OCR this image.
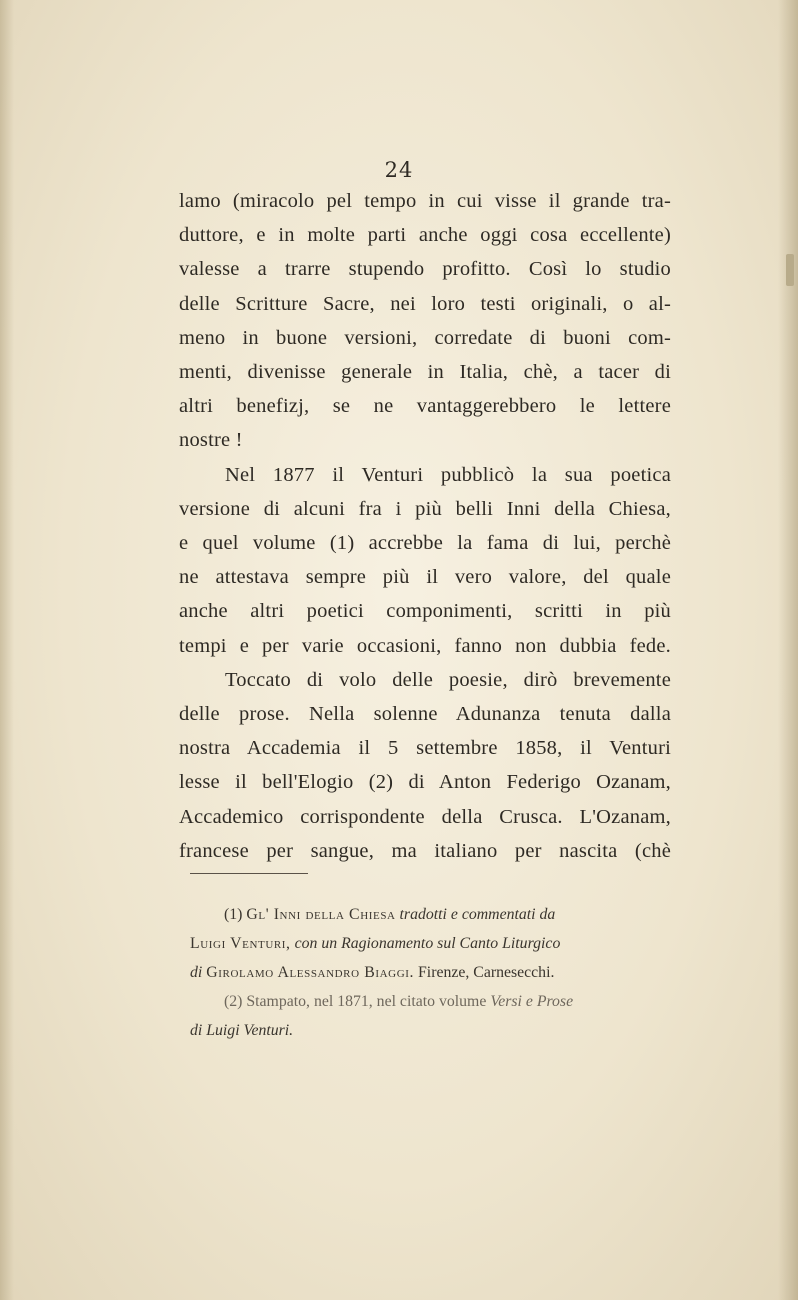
24
lamo (miracolo pel tempo in cui visse il grande tra-
duttore, e in molte parti anche oggi cosa eccellente)
valesse a trarre stupendo profitto. Così lo studio
delle Scritture Sacre, nei loro testi originali, o al-
meno in buone versioni, corredate di buoni com-
menti, divenisse generale in Italia, chè, a tacer di
altri benefizj, se ne vantaggerebbero le lettere
nostre !
Nel 1877 il Venturi pubblicò la sua poetica
versione di alcuni fra i più belli Inni della Chiesa,
e quel volume (1) accrebbe la fama di lui, perchè
ne attestava sempre più il vero valore, del quale
anche altri poetici componimenti, scritti in più
tempi e per varie occasioni, fanno non dubbia fede.
Toccato di volo delle poesie, dirò brevemente
delle prose. Nella solenne Adunanza tenuta dalla
nostra Accademia il 5 settembre 1858, il Venturi
lesse il bell'Elogio (2) di Anton Federigo Ozanam,
Accademico corrispondente della Crusca. L'Ozanam,
francese per sangue, ma italiano per nascita (chè
(1) Gl' Inni della Chiesa tradotti e commentati da
Luigi Venturi, con un Ragionamento sul Canto Liturgico
di Girolamo Alessandro Biaggi. Firenze, Carnesecchi.
(2) Stampato, nel 1871, nel citato volume Versi e Prose
di Luigi Venturi.
